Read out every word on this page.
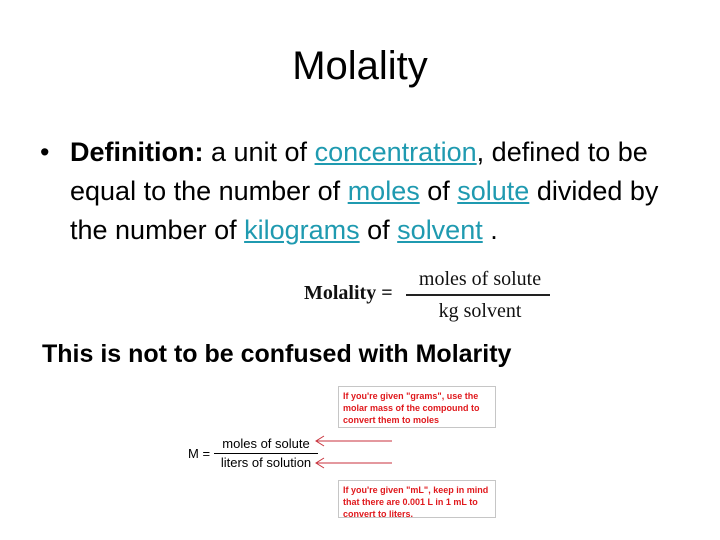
Molality
• Definition: a unit of concentration, defined to be equal to the number of moles of solute divided by the number of kilograms of solvent .
Molality =
moles of solute
kg solvent
This is not to be confused with Molarity
If you're given "grams", use the molar mass of the compound to convert them to moles
M =
moles of solute
liters of solution
If you're given "mL", keep in mind that there are 0.001 L in 1 mL to convert to liters.
